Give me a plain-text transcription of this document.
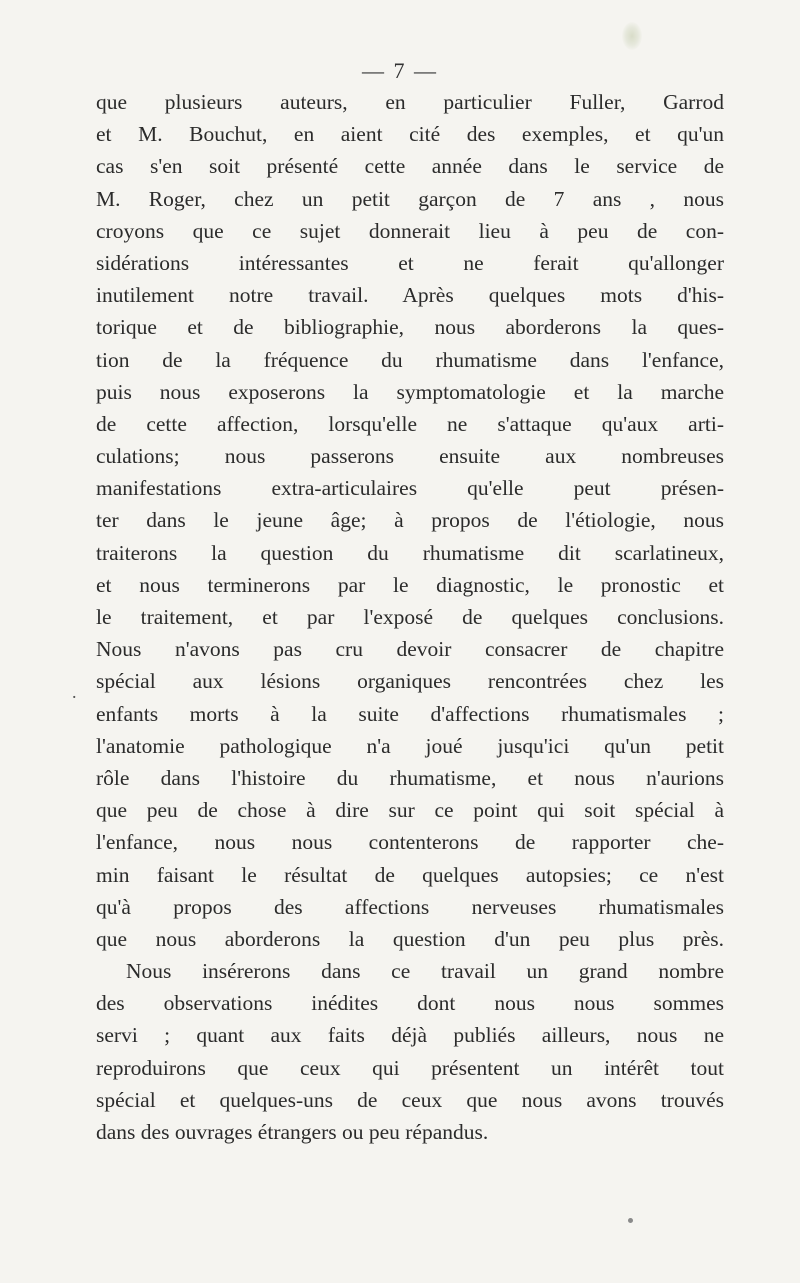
— 7 —
.
que plusieurs auteurs, en particulier Fuller, Garrod
et M. Bouchut, en aient cité des exemples, et qu'un
cas s'en soit présenté cette année dans le service de
M. Roger, chez un petit garçon de 7 ans , nous
croyons que ce sujet donnerait lieu à peu de con-
sidérations intéressantes et ne ferait qu'allonger
inutilement notre travail. Après quelques mots d'his-
torique et de bibliographie, nous aborderons la ques-
tion de la fréquence du rhumatisme dans l'enfance,
puis nous exposerons la symptomatologie et la marche
de cette affection, lorsqu'elle ne s'attaque qu'aux arti-
culations; nous passerons ensuite aux nombreuses
manifestations extra-articulaires qu'elle peut présen-
ter dans le jeune âge; à propos de l'étiologie, nous
traiterons la question du rhumatisme dit scarlatineux,
et nous terminerons par le diagnostic, le pronostic et
le traitement, et par l'exposé de quelques conclusions.
Nous n'avons pas cru devoir consacrer de chapitre
spécial aux lésions organiques rencontrées chez les
enfants morts à la suite d'affections rhumatismales ;
l'anatomie pathologique n'a joué jusqu'ici qu'un petit
rôle dans l'histoire du rhumatisme, et nous n'aurions
que peu de chose à dire sur ce point qui soit spécial à
l'enfance, nous nous contenterons de rapporter che-
min faisant le résultat de quelques autopsies; ce n'est
qu'à propos des affections nerveuses rhumatismales
que nous aborderons la question d'un peu plus près.
Nous insérerons dans ce travail un grand nombre
des observations inédites dont nous nous sommes
servi ; quant aux faits déjà publiés ailleurs, nous ne
reproduirons que ceux qui présentent un intérêt tout
spécial et quelques-uns de ceux que nous avons trouvés
dans des ouvrages étrangers ou peu répandus.
